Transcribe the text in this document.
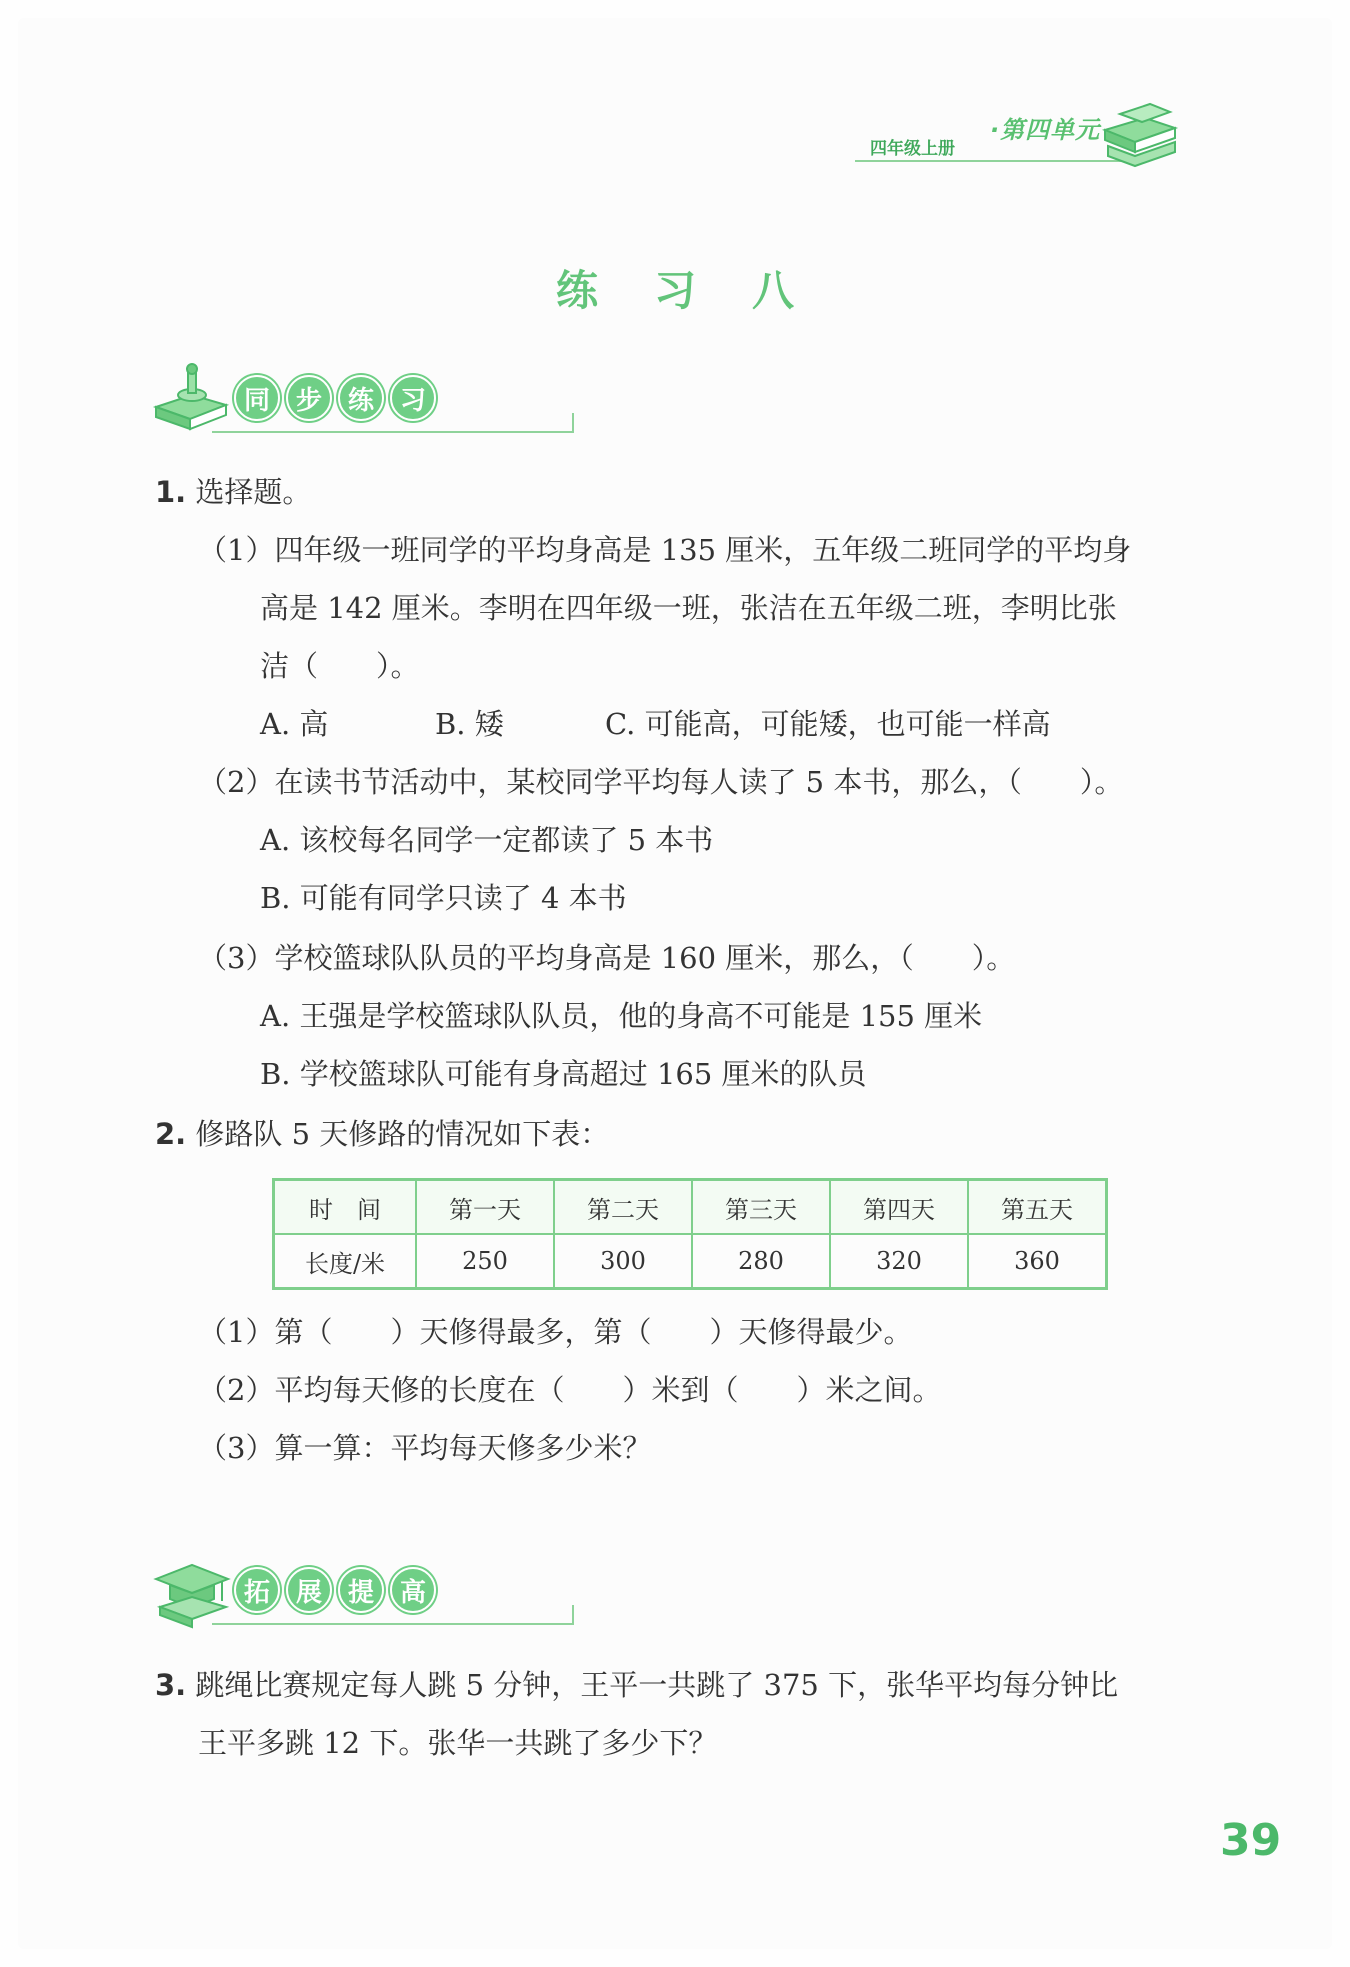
四年级上册
·第四单元
练习八
同 步 练 习
1. 选择题。
（1）四年级一班同学的平均身高是 135 厘米，五年级二班同学的平均身
高是 142 厘米。李明在四年级一班，张洁在五年级二班，李明比张
洁（　　）。
A. 高	B. 矮	C. 可能高，可能矮，也可能一样高
（2）在读书节活动中，某校同学平均每人读了 5 本书，那么，（　　）。
A. 该校每名同学一定都读了 5 本书
B. 可能有同学只读了 4 本书
（3）学校篮球队队员的平均身高是 160 厘米，那么，（　　）。
A. 王强是学校篮球队队员，他的身高不可能是 155 厘米
B. 学校篮球队可能有身高超过 165 厘米的队员
2. 修路队 5 天修路的情况如下表：
时　间	第一天	第二天	第三天	第四天	第五天
长度/米	250	300	280	320	360
（1）第（　　）天修得最多，第（　　）天修得最少。
（2）平均每天修的长度在（　　）米到（　　）米之间。
（3）算一算：平均每天修多少米？
拓 展 提 高
3. 跳绳比赛规定每人跳 5 分钟，王平一共跳了 375 下，张华平均每分钟比
王平多跳 12 下。张华一共跳了多少下？
39
